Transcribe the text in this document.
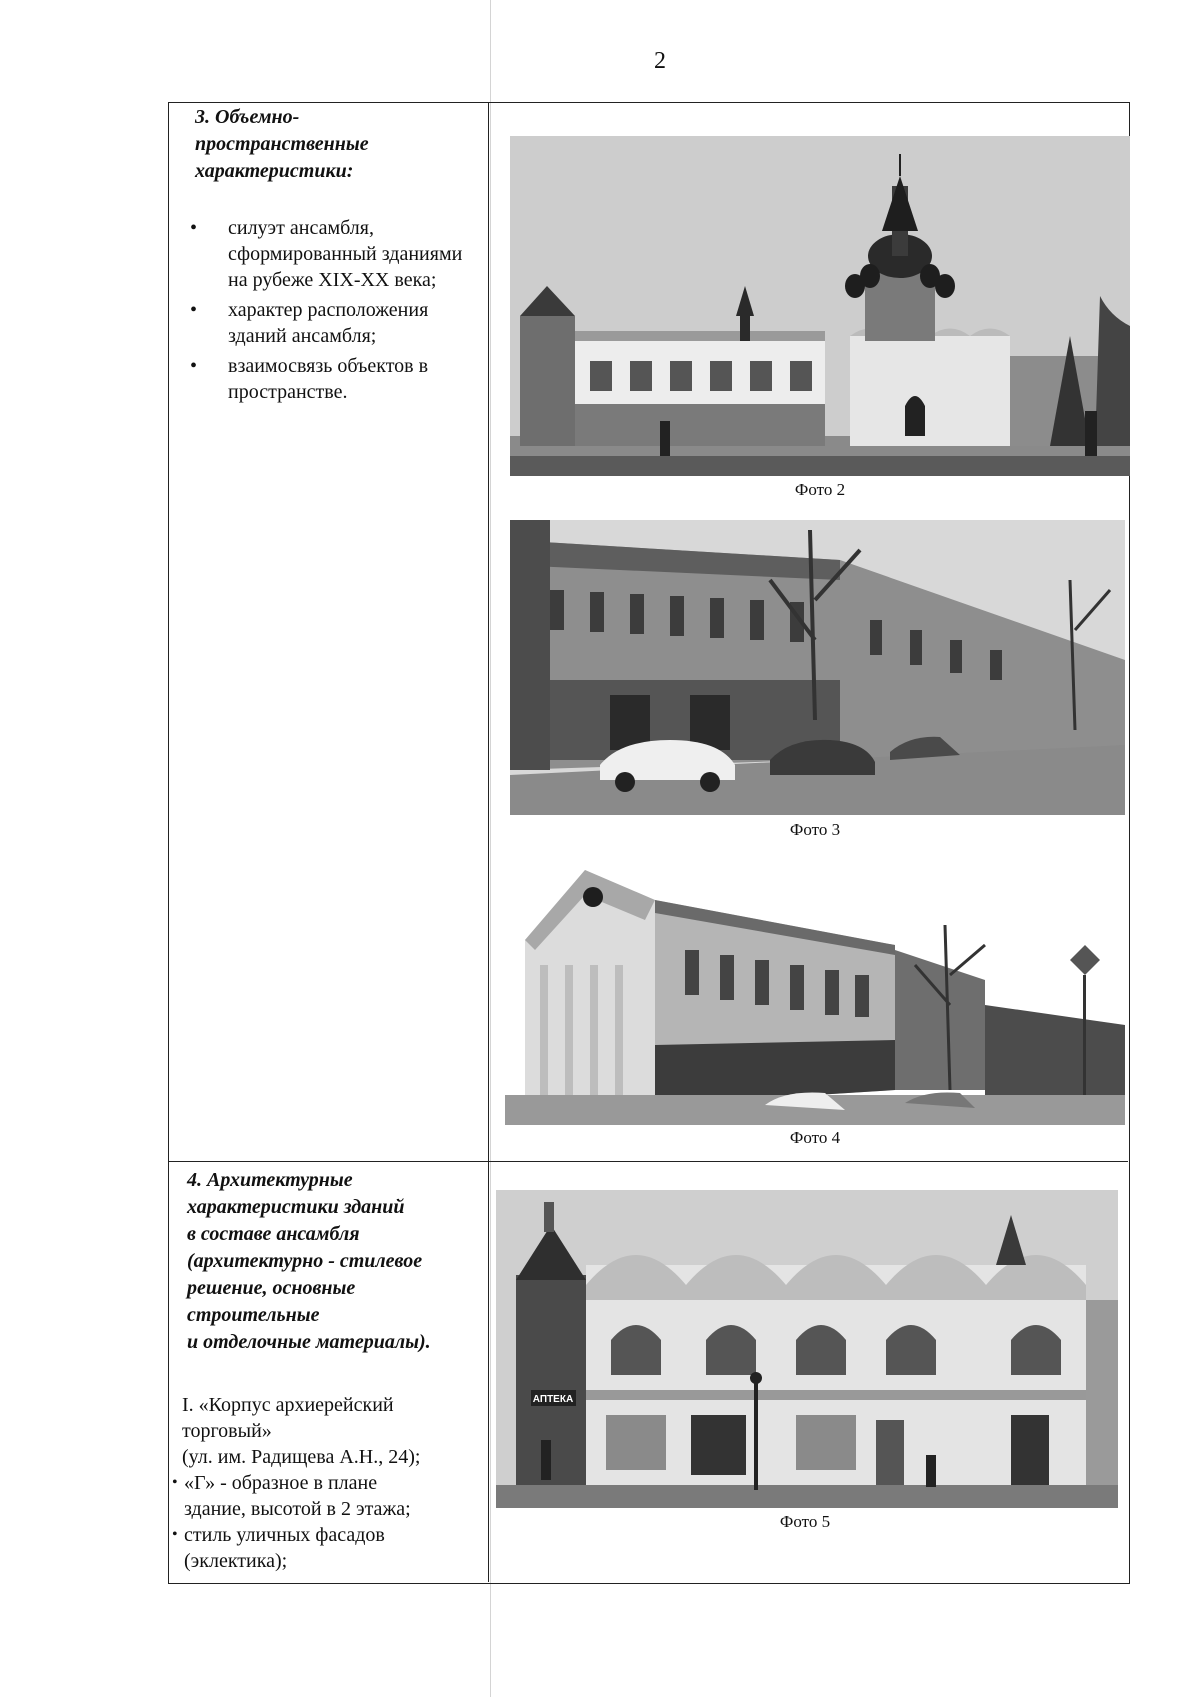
2
3. Объемно-
пространственные
характеристики:
• силуэт ансамбля, сформированный зданиями на рубеже XIX-XX века;
• характер расположения зданий ансамбля;
• взаимосвязь объектов в пространстве.
Фото 2
Фото 3
Фото 4
4. Архитектурные
характеристики зданий
в составе ансамбля
(архитектурно - стилевое
решение, основные
строительные
и отделочные материалы).
I. «Корпус архиерейский
торговый»
(ул. им. Радищева А.Н., 24);
• «Г» - образное в плане
здание, высотой в 2 этажа;
• стиль уличных фасадов
(эклектика);
АПТЕКА
Фото 5
